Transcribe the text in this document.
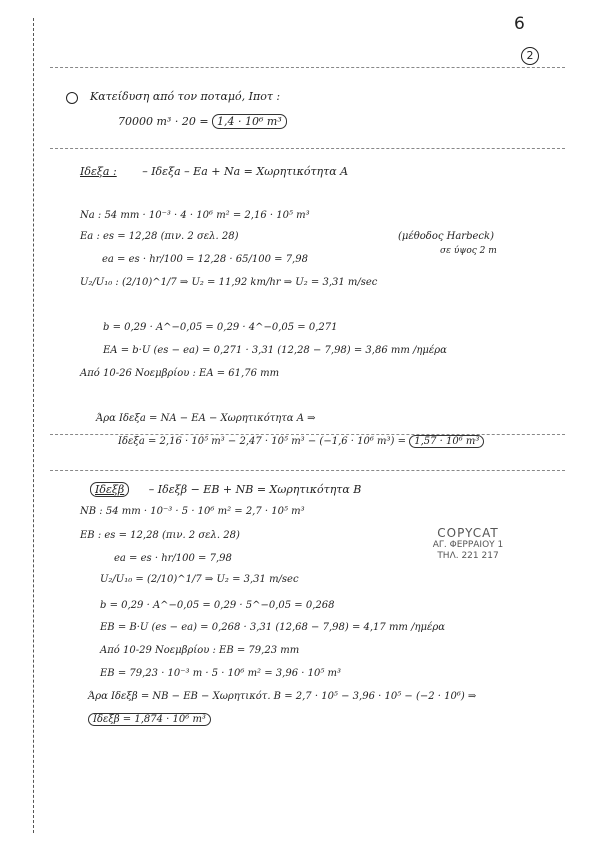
6
2
Κατείδυση από τον ποταμό, Iποτ :
70000 m³ · 20 = 1,4 · 10⁶ m³
Iδεξa : – Iδεξa – Ea + Na = Χωρητικότητα A
Na : 54 mm · 10⁻³ · 4 · 10⁶ m² = 2,16 · 10⁵ m³
Ea : es = 12,28 (πιν. 2 σελ. 28)	(μέθοδος Harbeck)
σε ύψος 2 m
ea = es · hr/100 = 12,28 · 65/100 = 7,98
U₂/U₁₀ : (2/10)^1/7 ⇒ U₂ = 11,92 km/hr ⇒ U₂ = 3,31 m/sec
b = 0,29 · A^−0,05 = 0,29 · 4^−0,05 = 0,271
EA = b·U (es − ea) = 0,271 · 3,31 (12,28 − 7,98) = 3,86 mm /ημέρα
Από 10-26 Νοεμβρίου : EA = 61,76 mm
Άρα Iδεξa = NA − EA − Χωρητικότητα A ⇒
Iδεξa = 2,16 · 10⁵ m³ − 2,47 · 10⁵ m³ − (−1,6 · 10⁶ m³) = 1,57 · 10⁶ m³
Iδεξβ – Iδεξβ − EB + NB = Χωρητικότητα B
NB : 54 mm · 10⁻³ · 5 · 10⁶ m² = 2,7 · 10⁵ m³
EB : es = 12,28 (πιν. 2 σελ. 28)
ea = es · hr/100 = 7,98
U₂/U₁₀ = (2/10)^1/7 ⇒ U₂ = 3,31 m/sec
b = 0,29 · A^−0,05 = 0,29 · 5^−0,05 = 0,268
EB = B·U (es − ea) = 0,268 · 3,31 (12,68 − 7,98) = 4,17 mm /ημέρα
Από 10-29 Νοεμβρίου : EB = 79,23 mm
EB = 79,23 · 10⁻³ m · 5 · 10⁶ m² = 3,96 · 10⁵ m³
Άρα Iδεξβ = NB − EB − Χωρητικότ. B = 2,7 · 10⁵ − 3,96 · 10⁵ − (−2 · 10⁶) ⇒
Iδεξβ = 1,874 · 10⁶ m³
COPYCAT
ΑΓ. ΦΕΡΡΑΙΟΥ 1
ΤΗΛ. 221 217
